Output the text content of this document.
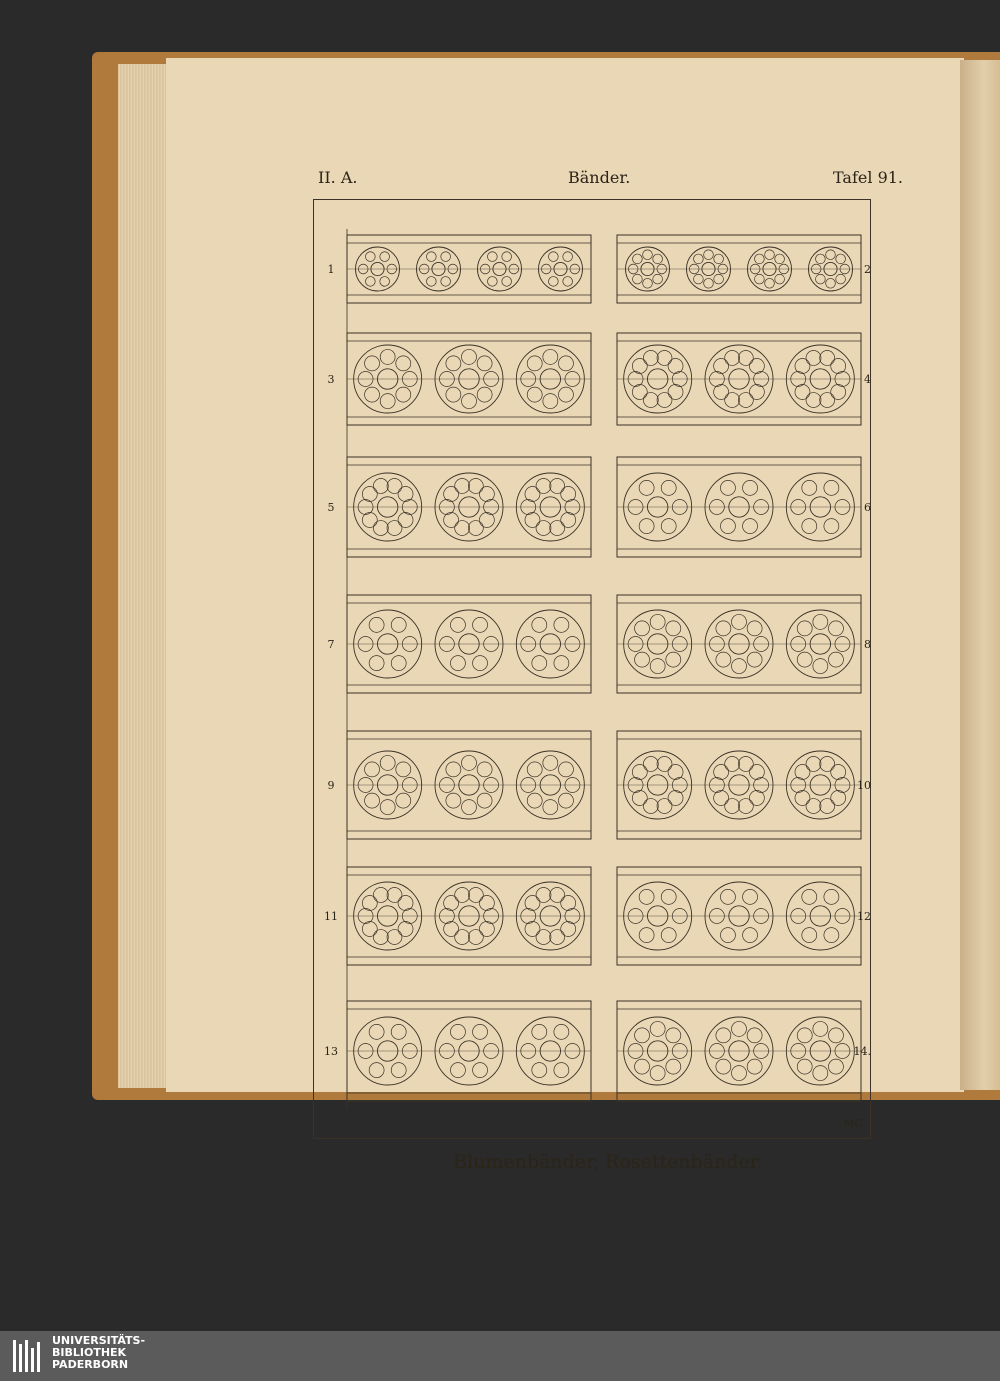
II. A.	Bänder.	Tafel 91.
1	2
3	4
5	6
7	8
9	10
11	12
13	14.
MC
Blumenbänder, Rosettenbänder.
UNIVERSITÄTS-
BIBLIOTHEK
PADERBORN
